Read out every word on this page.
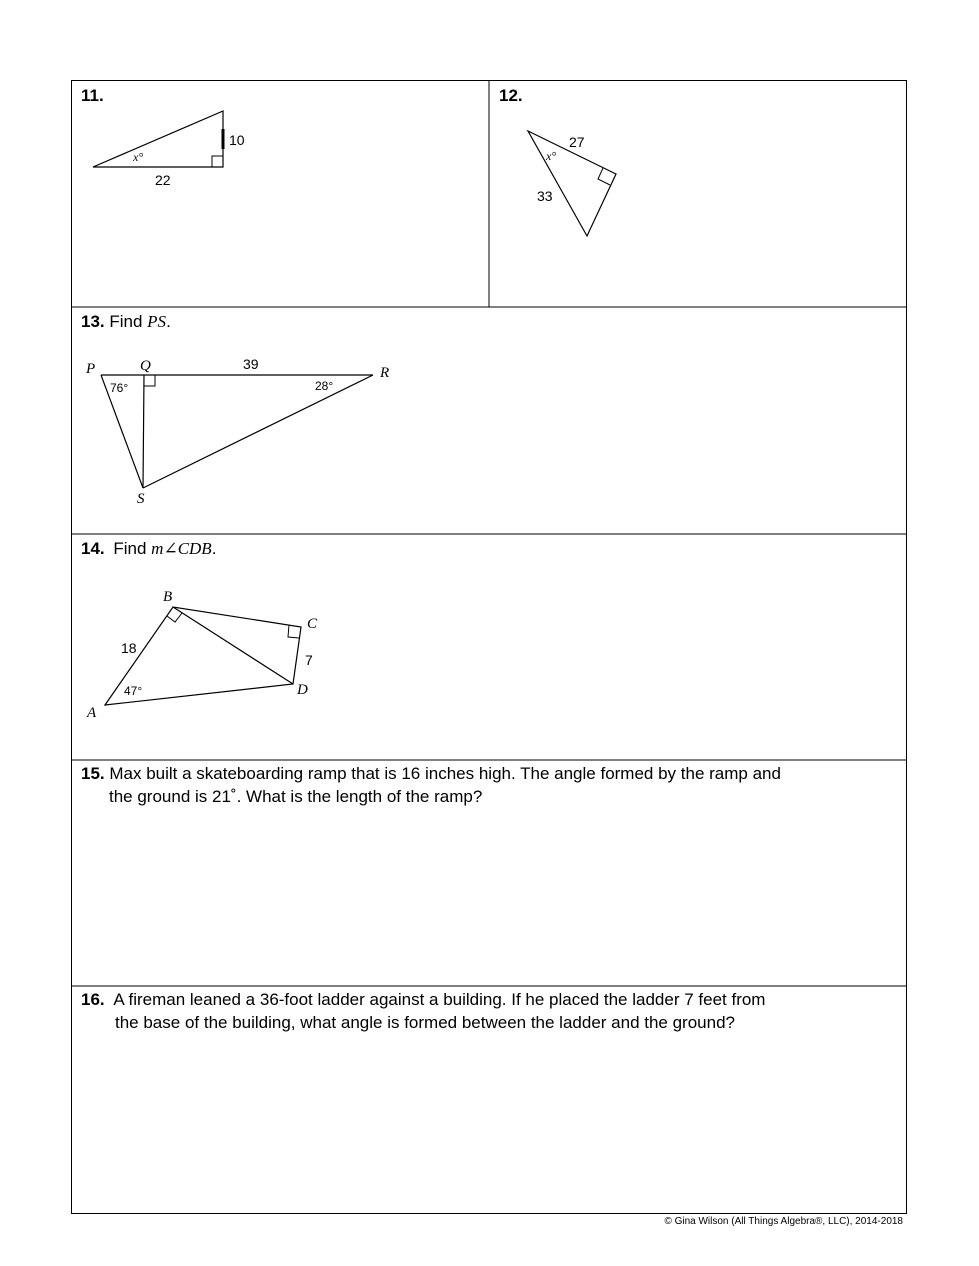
11.
x°
10
22
12.
x°
27
33
13. Find PS.
P	Q	R
S
76°	28°
39
14. Find m∠CDB.
A
B
C
D
18
7
47°
15. Max built a skateboarding ramp that is 16 inches high. The angle formed by the ramp and
the ground is 21˚. What is the length of the ramp?
16. A fireman leaned a 36-foot ladder against a building. If he placed the ladder 7 feet from
the base of the building, what angle is formed between the ladder and the ground?
© Gina Wilson (All Things Algebra®, LLC), 2014-2018
